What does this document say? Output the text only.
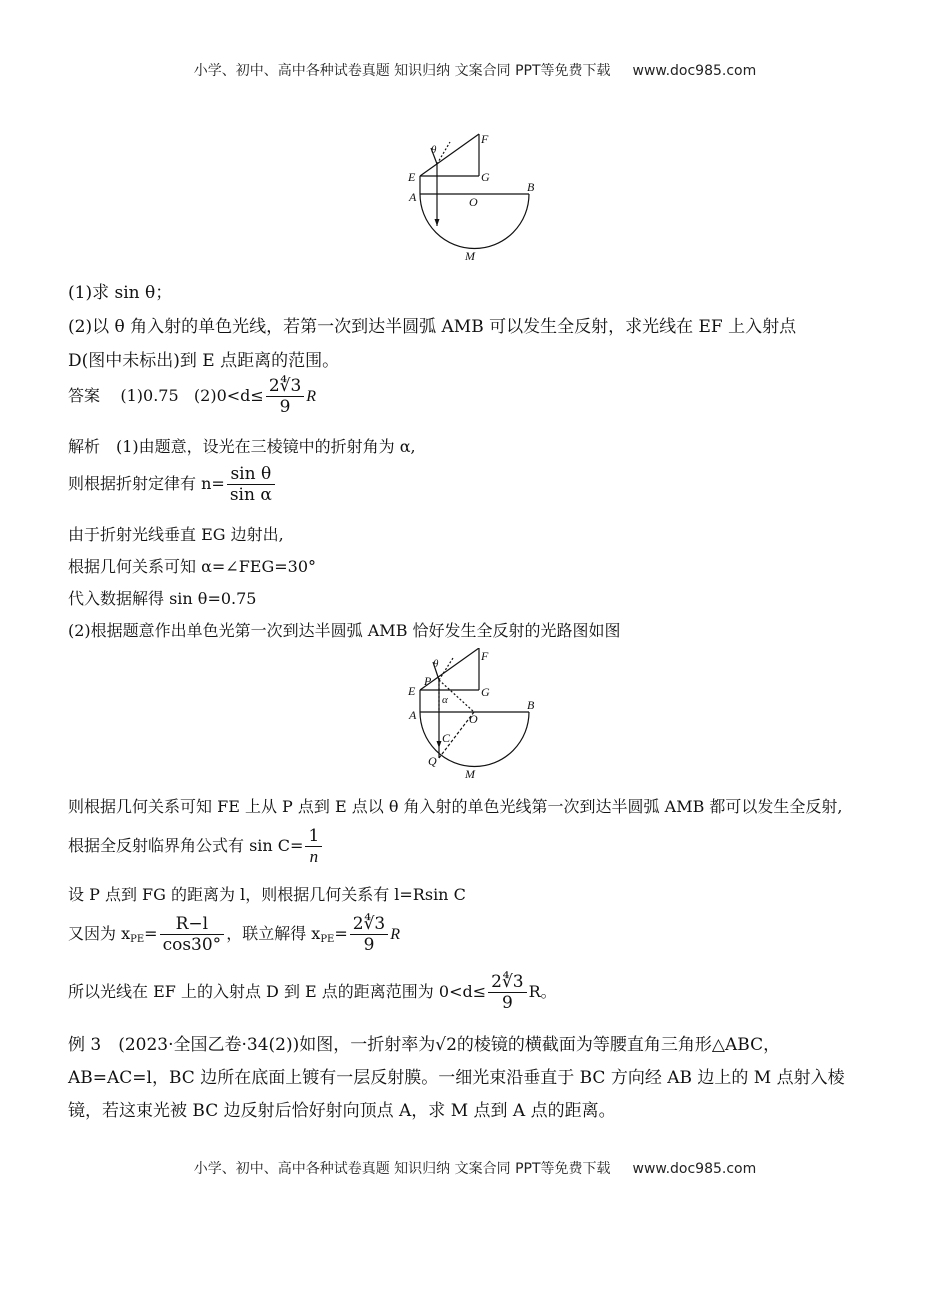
小学、初中、高中各种试卷真题 知识归纳 文案合同 PPT等免费下载 www.doc985.com
F
θ
E	G
A	O
B
M
(1)求 sin θ；
(2)以 θ 角入射的单色光线，若第一次到达半圆弧 AMB 可以发生全反射，求光线在 EF 上入射点
D(图中未标出)到 E 点距离的范围。
答案 (1)0.75 $(2)0<d\le \frac{2∜3}{9}$ R
解析　(1)由题意，设光在三棱镜中的折射角为 α,
则根据折射定律有 $n= \frac{\text{sin θ}}{\text{sin α}}$
由于折射光线垂直 EG 边射出,
根据几何关系可知 α=∠FEG=30°
代入数据解得 sin θ=0.75
(2)根据题意作出单色光第一次到达半圆弧 AMB 恰好发生全反射的光路图如图
F
θ
P
E	G
α
A	O
B
C
Q
M
则根据几何关系可知 FE 上从 P 点到 E 点以 θ 角入射的单色光线第一次到达半圆弧 AMB 都可以发生全反射,
根据全反射临界角公式有 $\sin C= \frac{1}{n}$
设 P 点到 FG 的距离为 l，则根据几何关系有 l=Rsin C
又因为 $x_{PE}= \frac{R-l}{\cos 30^\circ}$ ，联立解得 $x_{PE}= \frac{2∜3}{9}$ R
所以光线在 EF 上的入射点 D 到 E 点的距离范围为 $0<d\le \frac{2∜3}{9}$ R。
例 3　(2023·全国乙卷·34(2))如图，一折射率为√2的棱镜的横截面为等腰直角三角形△ABC，
AB=AC=l，BC 边所在底面上镀有一层反射膜。一细光束沿垂直于 BC 方向经 AB 边上的 M 点射入棱
镜，若这束光被 BC 边反射后恰好射向顶点 A，求 M 点到 A 点的距离。
小学、初中、高中各种试卷真题 知识归纳 文案合同 PPT等免费下载 www.doc985.com
